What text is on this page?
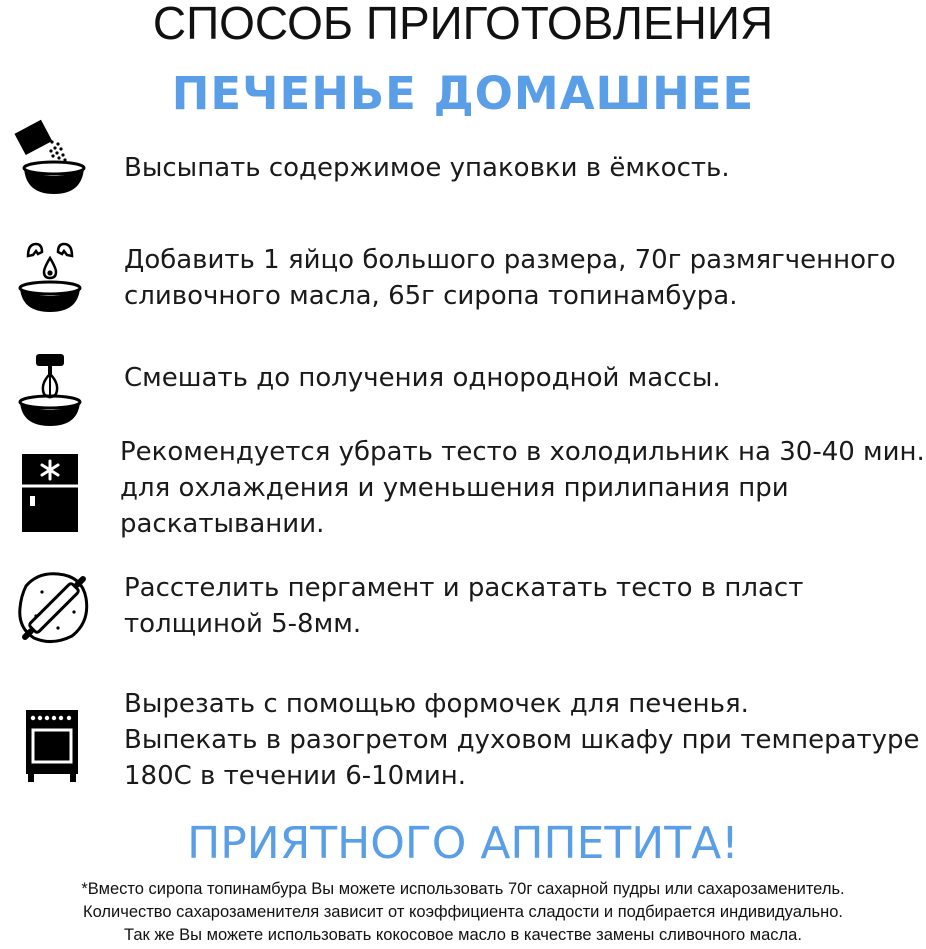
СПОСОБ ПРИГОТОВЛЕНИЯ
ПЕЧЕНЬЕ ДОМАШНЕЕ
Высыпать содержимое упаковки в ёмкость.
Добавить 1 яйцо большого размера, 70г размягченного
сливочного масла, 65г сиропа топинамбура.
Смешать до получения однородной массы.
Рекомендуется убрать тесто в холодильник на 30-40 мин.
для охлаждения и уменьшения прилипания при
раскатывании.
Расстелить пергамент и раскатать тесто в пласт
толщиной 5-8мм.
Вырезать с помощью формочек для печенья.
Выпекать в разогретом духовом шкафу при температуре
180С в течении 6-10мин.
ПРИЯТНОГО АППЕТИТА!
*Вместо сиропа топинамбура Вы можете использовать 70г сахарной пудры или сахарозаменитель.
Количество сахарозаменителя зависит от коэффициента сладости и подбирается индивидуально.
Так же Вы можете использовать кокосовое масло в качестве замены сливочного масла.
